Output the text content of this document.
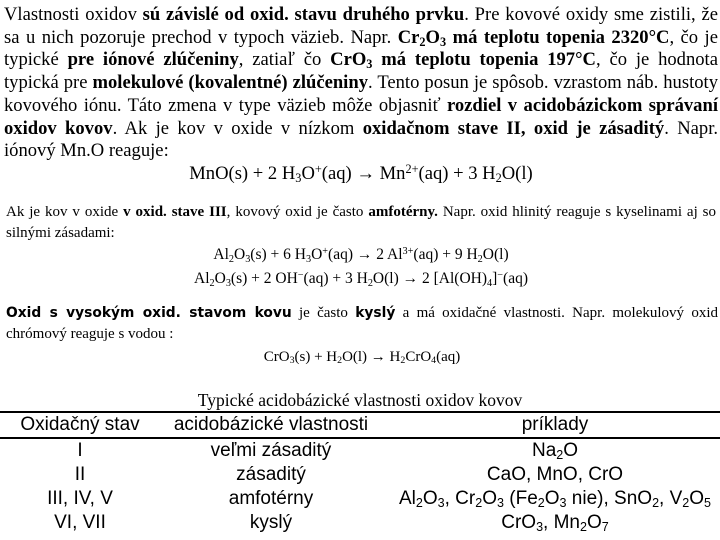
Vlastnosti oxidov sú závislé od oxid. stavu druhého prvku. Pre kovové oxidy sme zistili, že sa u nich pozoruje prechod v typoch väzieb. Napr. $Cr_2O_3$ má teplotu topenia 2320°C, čo je typické pre iónové zlúčeniny, zatiaľ čo CrO$_3$ má teplotu topenia 197°C, čo je hodnota typická pre molekulové (kovalentné) zlúčeniny. Tento posun je spôsob. vzrastom náb. hustoty kovového iónu. Táto zmena v type väzieb môže objasniť rozdiel v acidobázickom správaní oxidov kovov. Ak je kov v oxide v nízkom oxidačnom stave II, oxid je zásaditý. Napr. iónový Mn.O reaguje:
MnO(s) + 2 $H_3O^+(aq) \to Mn^{2+}(aq) + 3$ $H_2O(l)$
Ak je kov v oxide v oxid. stave III, kovový oxid je často amfotérny. Napr. oxid hlinitý reaguje s kyselinami aj so silnými zásadami:
$Al_2O_3(s) + 6$ $H_3O^+(aq) \to 2$ $Al^{3+}(aq) + 9$ $H_2O(l)$
$Al_2O_3(s) + 2$ OH−(aq) + 3 $H_2O(l) \to 2$ $[Al(OH)_4]^-(aq)$
Oxid s vysokým oxid. stavom kovu je často kyslý a má oxidačné vlastnosti. Napr. molekulový oxid chrómový reaguje s vodou :
$CrO_3(s) + H_2O(l) \to H_2CrO_4(aq)$
Typické acidobázické vlastnosti oxidov kovov
Oxidačný stav	acidobázické vlastnosti	príklady
I	veľmi zásaditý	$Na_2O$
II	zásaditý	CaO, MnO, CrO
III, IV, V	amfotérny	$Al_2O_3$, $Cr_2O_3$ ($Fe_2O_3$ nie), SnO$_2$, $V_2O_5$
VI, VII	kyslý	CrO$_3$, $Mn_2O_7$
